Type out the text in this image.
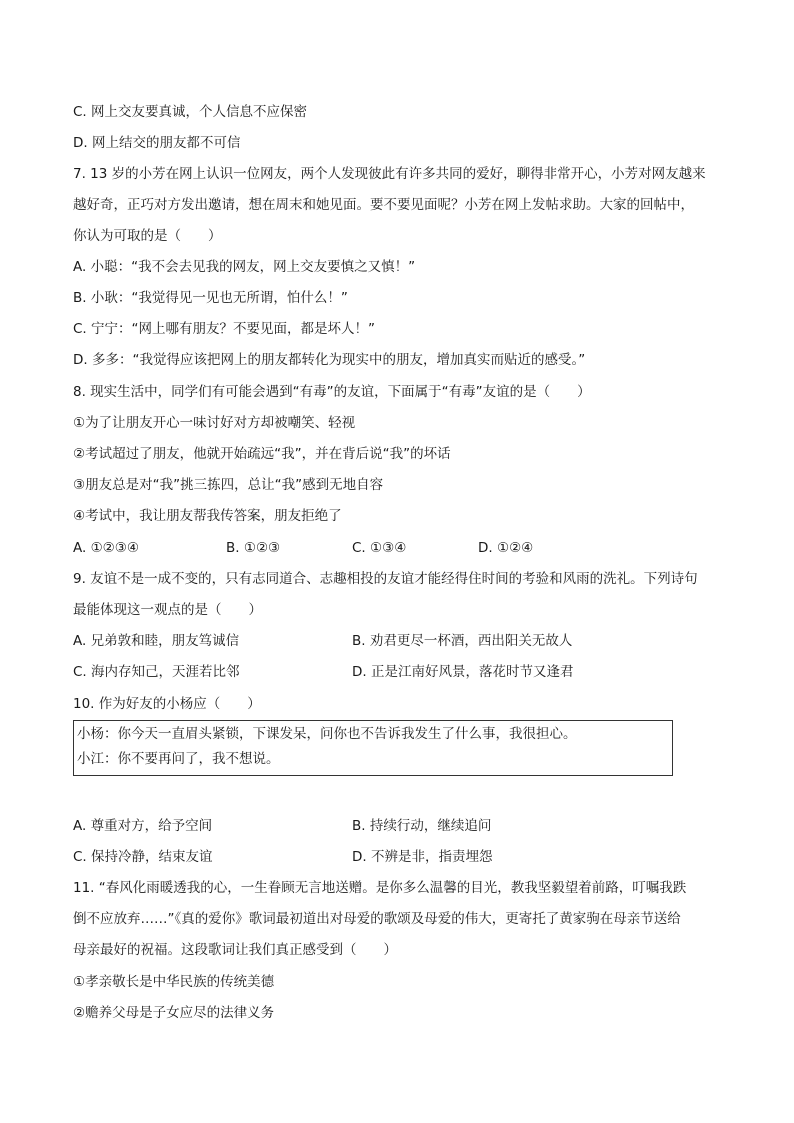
C. 网上交友要真诚，个人信息不应保密
D. 网上结交的朋友都不可信
7. 13 岁的小芳在网上认识一位网友，两个人发现彼此有许多共同的爱好，聊得非常开心，小芳对网友越来
越好奇，正巧对方发出邀请，想在周末和她见面。要不要见面呢？小芳在网上发帖求助。大家的回帖中，
你认为可取的是（　　）
A. 小聪：“我不会去见我的网友，网上交友要慎之又慎！”
B. 小耿：“我觉得见一见也无所谓，怕什么！”
C. 宁宁：“网上哪有朋友？不要见面，都是坏人！”
D. 多多：“我觉得应该把网上的朋友都转化为现实中的朋友，增加真实而贴近的感受。”
8. 现实生活中，同学们有可能会遇到“有毒”的友谊，下面属于“有毒”友谊的是（　　）
①为了让朋友开心一味讨好对方却被嘲笑、轻视
②考试超过了朋友，他就开始疏远“我”，并在背后说“我”的坏话
③朋友总是对“我”挑三拣四，总让“我”感到无地自容
④考试中，我让朋友帮我传答案，朋友拒绝了
A. ①②③④	B. ①②③	C. ①③④	D. ①②④
9. 友谊不是一成不变的，只有志同道合、志趣相投的友谊才能经得住时间的考验和风雨的洗礼。下列诗句
最能体现这一观点的是（　　）
A. 兄弟敦和睦，朋友笃诚信	B. 劝君更尽一杯酒，西出阳关无故人
C. 海内存知己，天涯若比邻	D. 正是江南好风景，落花时节又逢君
10. 作为好友的小杨应（　　）
小杨：你今天一直眉头紧锁，下课发呆，问你也不告诉我发生了什么事，我很担心。
小江：你不要再问了，我不想说。
A. 尊重对方，给予空间	B. 持续行动，继续追问
C. 保持冷静，结束友谊	D. 不辨是非，指责埋怨
11. “春风化雨暖透我的心，一生眷顾无言地送赠。是你多么温馨的目光，教我坚毅望着前路，叮嘱我跌
倒不应放弃……”《真的爱你》歌词最初道出对母爱的歌颂及母爱的伟大，更寄托了黄家驹在母亲节送给
母亲最好的祝福。这段歌词让我们真正感受到（　　）
①孝亲敬长是中华民族的传统美德
②赡养父母是子女应尽的法律义务
